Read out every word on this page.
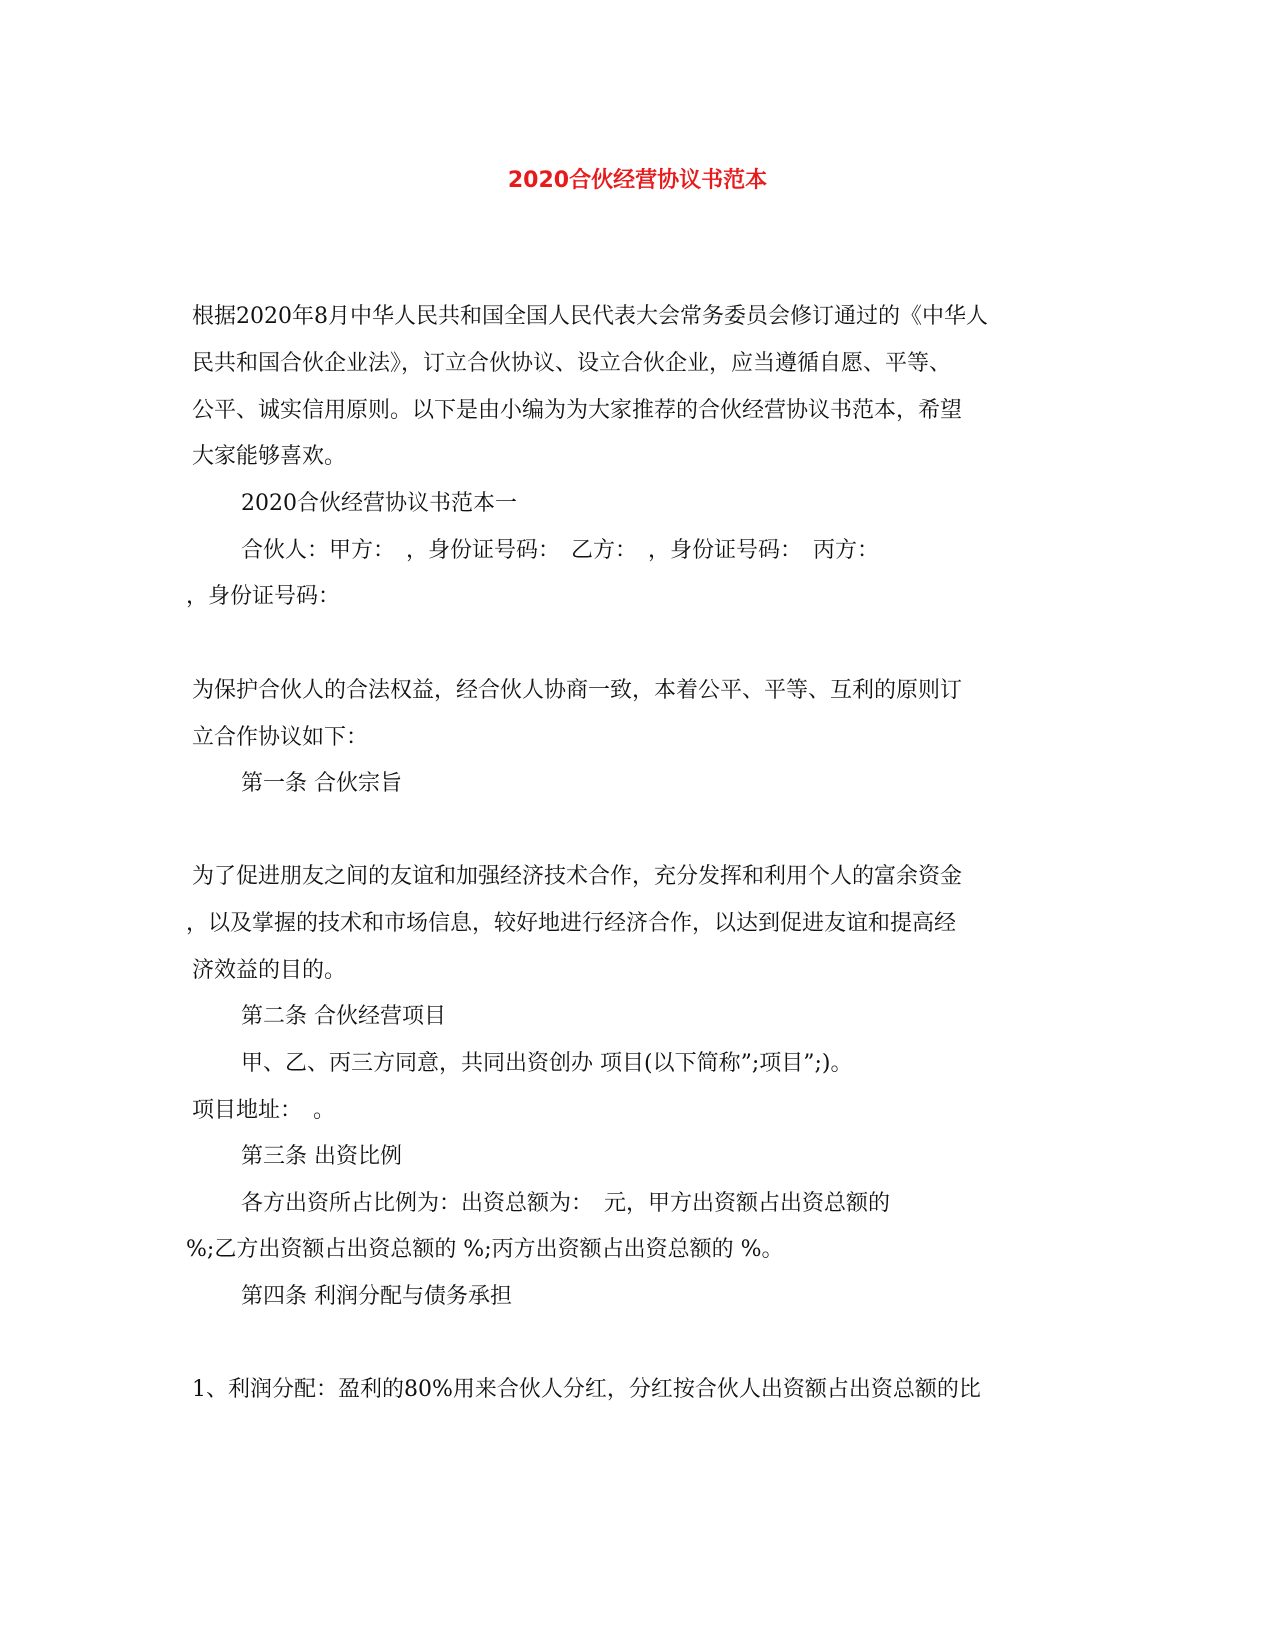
2020合伙经营协议书范本
根据2020年8月中华人民共和国全国人民代表大会常务委员会修订通过的《中华人
民共和国合伙企业法》，订立合伙协议、设立合伙企业，应当遵循自愿、平等、
公平、诚实信用原则。以下是由小编为为大家推荐的合伙经营协议书范本，希望
大家能够喜欢。
2020合伙经营协议书范本一
合伙人：甲方：　，身份证号码：　乙方：　，身份证号码：　丙方：
，身份证号码：
为保护合伙人的合法权益，经合伙人协商一致，本着公平、平等、互利的原则订
立合作协议如下：
第一条 合伙宗旨
为了促进朋友之间的友谊和加强经济技术合作，充分发挥和利用个人的富余资金
，以及掌握的技术和市场信息，较好地进行经济合作，以达到促进友谊和提高经
济效益的目的。
第二条 合伙经营项目
甲、乙、丙三方同意，共同出资创办 项目(以下简称”;项目”;)。
项目地址：　。
第三条 出资比例
各方出资所占比例为：出资总额为：　元，甲方出资额占出资总额的
%;乙方出资额占出资总额的 %;丙方出资额占出资总额的 %。
第四条 利润分配与债务承担
1、利润分配：盈利的80%用来合伙人分红，分红按合伙人出资额占出资总额的比
